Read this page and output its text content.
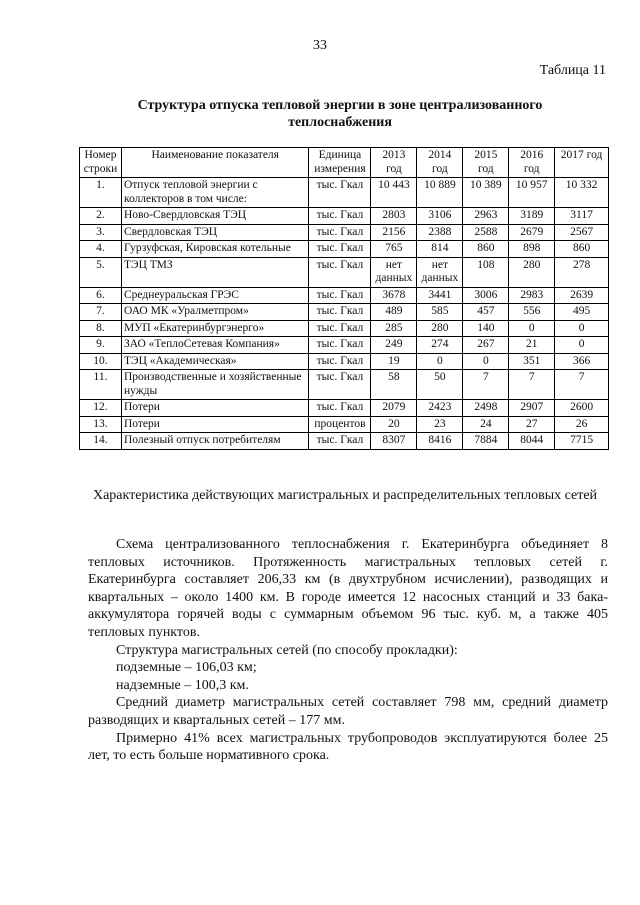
33
Таблица 11
Структура отпуска тепловой энергии в зоне централизованного теплоснабжения
Номер строки	Наименование показателя	Единица измерения	2013 год	2014 год	2015 год	2016 год	2017 год
1.	Отпуск тепловой энергии с коллекторов в том числе:	тыс. Гкал	10 443	10 889	10 389	10 957	10 332
2.	Ново-Свердловская ТЭЦ	тыс. Гкал	2803	3106	2963	3189	3117
3.	Свердловская ТЭЦ	тыс. Гкал	2156	2388	2588	2679	2567
4.	Гурзуфская, Кировская котельные	тыс. Гкал	765	814	860	898	860
5.	ТЭЦ ТМЗ	тыс. Гкал	нет данных	нет данных	108	280	278
6.	Среднеуральская ГРЭС	тыс. Гкал	3678	3441	3006	2983	2639
7.	ОАО МК «Уралметпром»	тыс. Гкал	489	585	457	556	495
8.	МУП «Екатеринбургэнерго»	тыс. Гкал	285	280	140	0	0
9.	ЗАО «ТеплоСетевая Компания»	тыс. Гкал	249	274	267	21	0
10.	ТЭЦ «Академическая»	тыс. Гкал	19	0	0	351	366
11.	Производственные и хозяйственные нужды	тыс. Гкал	58	50	7	7	7
12.	Потери	тыс. Гкал	2079	2423	2498	2907	2600
13.	Потери	процентов	20	23	24	27	26
14.	Полезный отпуск потребителям	тыс. Гкал	8307	8416	7884	8044	7715
Характеристика действующих магистральных и распределительных тепловых сетей

Схема централизованного теплоснабжения г. Екатеринбурга объединяет 8 тепловых источников. Протяженность магистральных тепловых сетей г. Екатеринбурга составляет 206,33 км (в двухтрубном исчислении), разводящих и квартальных – около 1400 км. В городе имеется 12 насосных станций и 33 бака-аккумулятора горячей воды с суммарным объемом 96 тыс. куб. м, а также 405 тепловых пунктов.

Структура магистральных сетей (по способу прокладки):

подземные – 106,03 км;

надземные – 100,3 км.

Средний диаметр магистральных сетей составляет 798 мм, средний диаметр разводящих и квартальных сетей – 177 мм.

Примерно 41% всех магистральных трубопроводов эксплуатируются более 25 лет, то есть больше нормативного срока.
